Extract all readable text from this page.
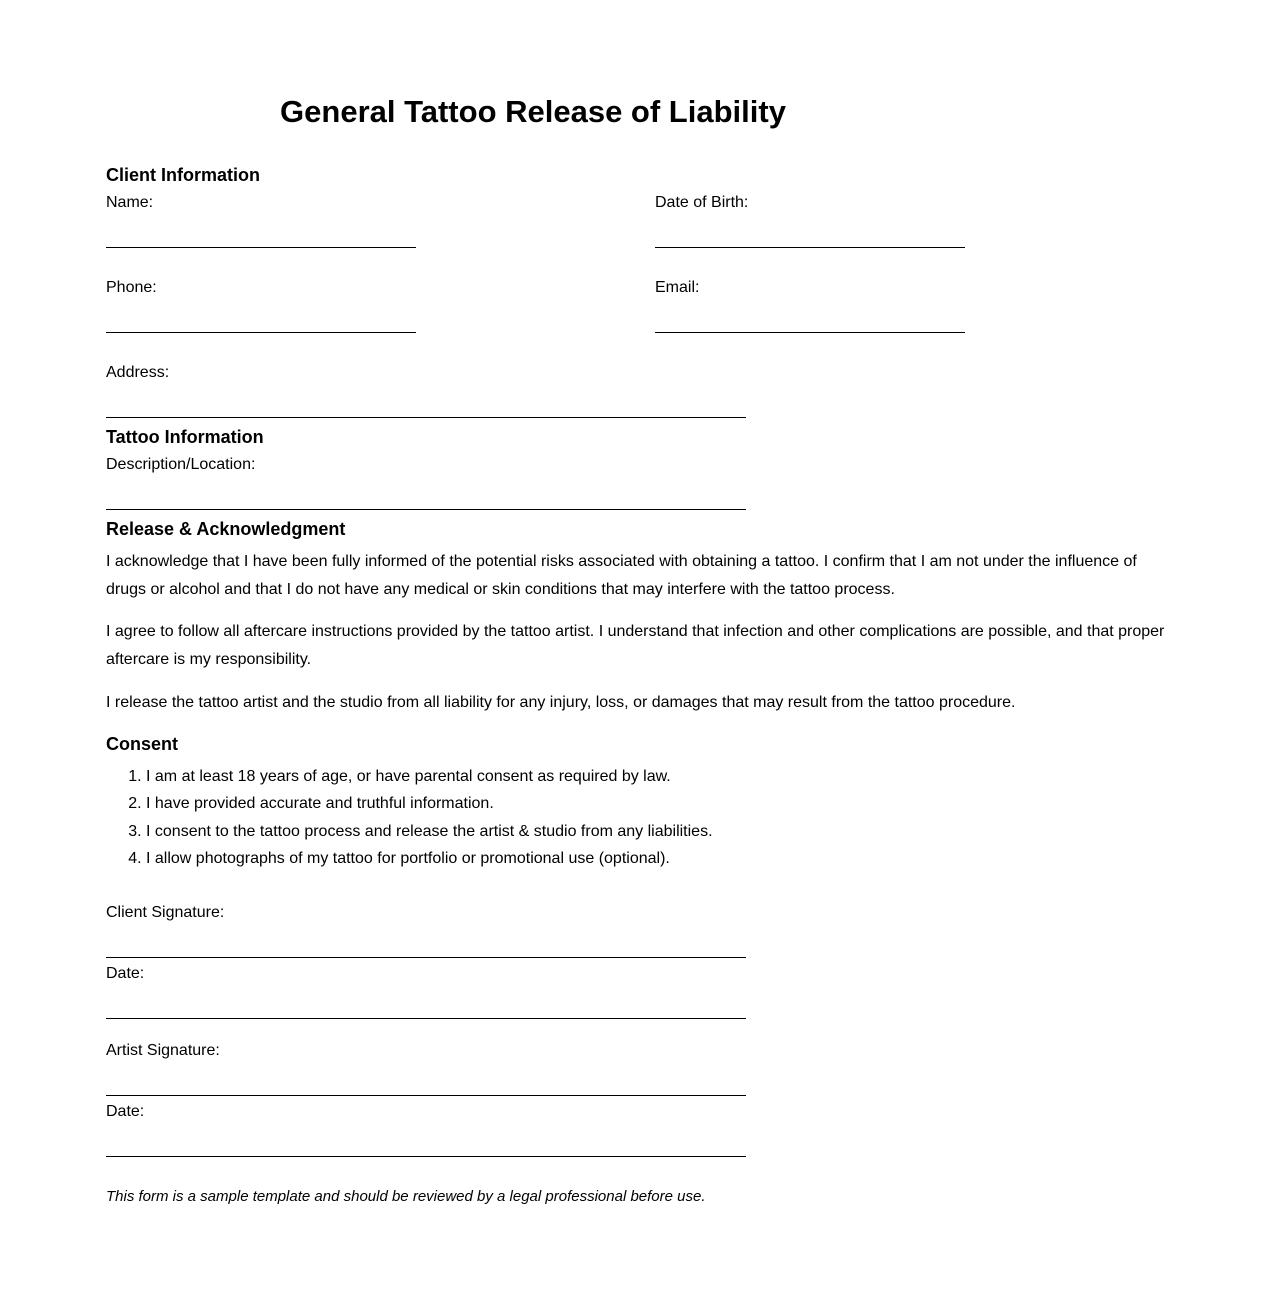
General Tattoo Release of Liability
Client Information
Name:	Date of Birth:
Phone:	Email:
Address:
Tattoo Information
Description/Location:
Release & Acknowledgment

I acknowledge that I have been fully informed of the potential risks associated with obtaining a tattoo. I confirm that I am not under the influence of drugs or alcohol and that I do not have any medical or skin conditions that may interfere with the tattoo process.

I agree to follow all aftercare instructions provided by the tattoo artist. I understand that infection and other complications are possible, and that proper aftercare is my responsibility.

I release the tattoo artist and the studio from all liability for any injury, loss, or damages that may result from the tattoo procedure.

Consent
1. I am at least 18 years of age, or have parental consent as required by law.
2. I have provided accurate and truthful information.
3. I consent to the tattoo process and release the artist & studio from any liabilities.
4. I allow photographs of my tattoo for portfolio or promotional use (optional).
Client Signature:
Date:
Artist Signature:
Date:

This form is a sample template and should be reviewed by a legal professional before use.
